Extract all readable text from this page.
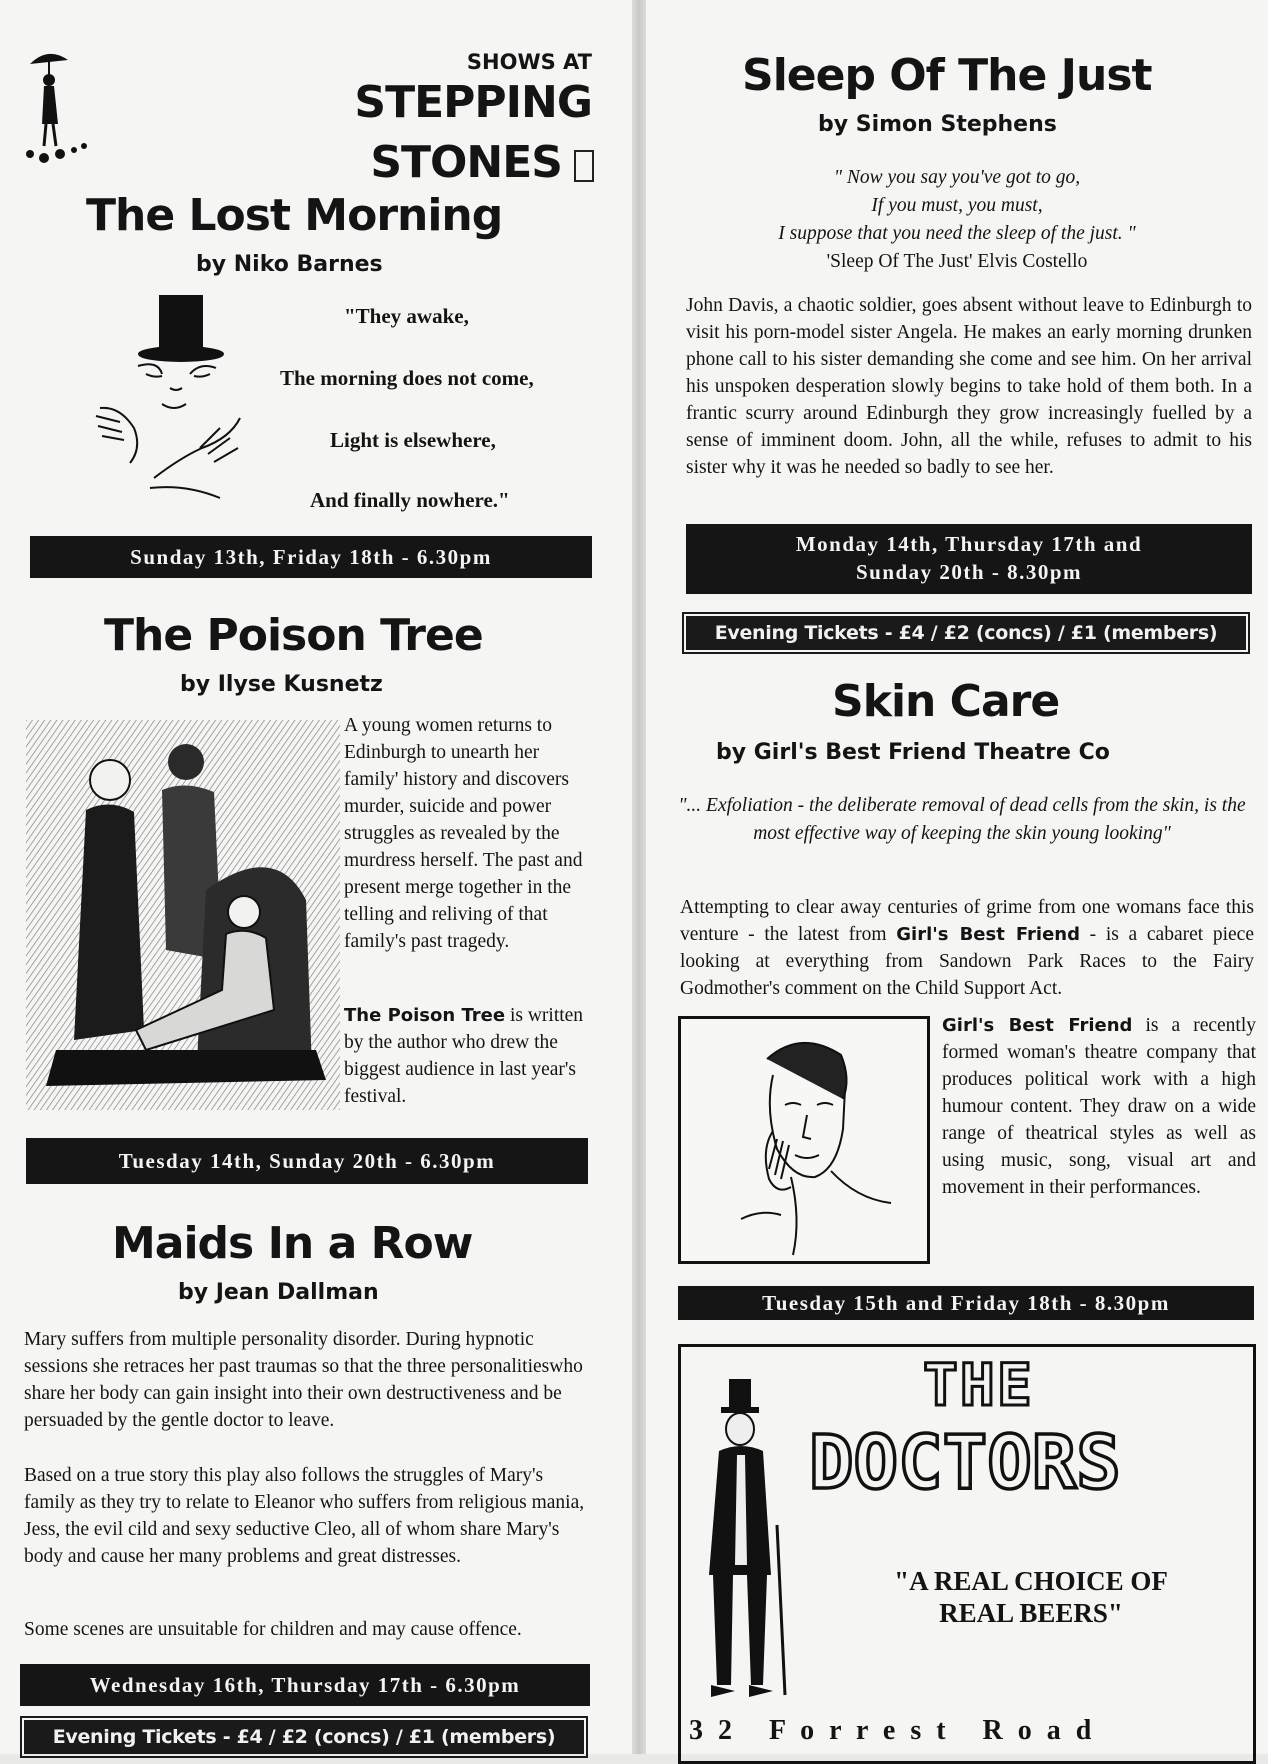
SHOWS AT
STEPPING
STONES
The Lost Morning
by Niko Barnes
"They awake,
The morning does not come,
Light is elsewhere,
And finally nowhere."
Sunday 13th, Friday 18th - 6.30pm
The Poison Tree
by Ilyse Kusnetz
A young women returns to Edinburgh to unearth her family' history and discovers murder, suicide and power struggles as revealed by the murdress herself. The past and present merge together in the telling and reliving of that family's past tragedy.
The Poison Tree is written by the author who drew the biggest audience in last year's festival.
Tuesday 14th, Sunday 20th - 6.30pm
Maids In a Row
by Jean Dallman
Mary suffers from multiple personality disorder. During hypnotic sessions she retraces her past traumas so that the three personalitieswho share her body can gain insight into their own destructiveness and be persuaded by the gentle doctor to leave.
Based on a true story this play also follows the struggles of Mary's family as they try to relate to Eleanor who suffers from religious mania, Jess, the evil cild and sexy seductive Cleo, all of whom share Mary's body and cause her many problems and great distresses.
Some scenes are unsuitable for children and may cause offence.
Wednesday 16th, Thursday 17th - 6.30pm
Evening Tickets - £4 / £2 (concs) / £1 (members)
Sleep Of The Just
by Simon Stephens
" Now you say you've got to go,
If you must, you must,
I suppose that you need the sleep of the just. "
'Sleep Of The Just' Elvis Costello
John Davis, a chaotic soldier, goes absent without leave to Edinburgh to visit his porn-model sister Angela. He makes an early morning drunken phone call to his sister demanding she come and see him. On her arrival his unspoken desperation slowly begins to take hold of them both. In a frantic scurry around Edinburgh they grow increasingly fuelled by a sense of imminent doom. John, all the while, refuses to admit to his sister why it was he needed so badly to see her.
Monday 14th, Thursday 17th and
Sunday 20th - 8.30pm
Evening Tickets - £4 / £2 (concs) / £1 (members)
Skin Care
by Girl's Best Friend Theatre Co
"... Exfoliation - the deliberate removal of dead cells from the skin, is the most effective way of keeping the skin young looking"
Attempting to clear away centuries of grime from one womans face this venture - the latest from Girl's Best Friend - is a cabaret piece looking at everything from Sandown Park Races to the Fairy Godmother's comment on the Child Support Act.
Girl's Best Friend is a recently formed woman's theatre company that produces political work with a high humour content. They draw on a wide range of theatrical styles as well as using music, song, visual art and movement in their performances.
Tuesday 15th and Friday 18th - 8.30pm
THE
DOCTORS
"A REAL CHOICE OF
REAL BEERS"
3 2   F o r r e s t   R o a d
